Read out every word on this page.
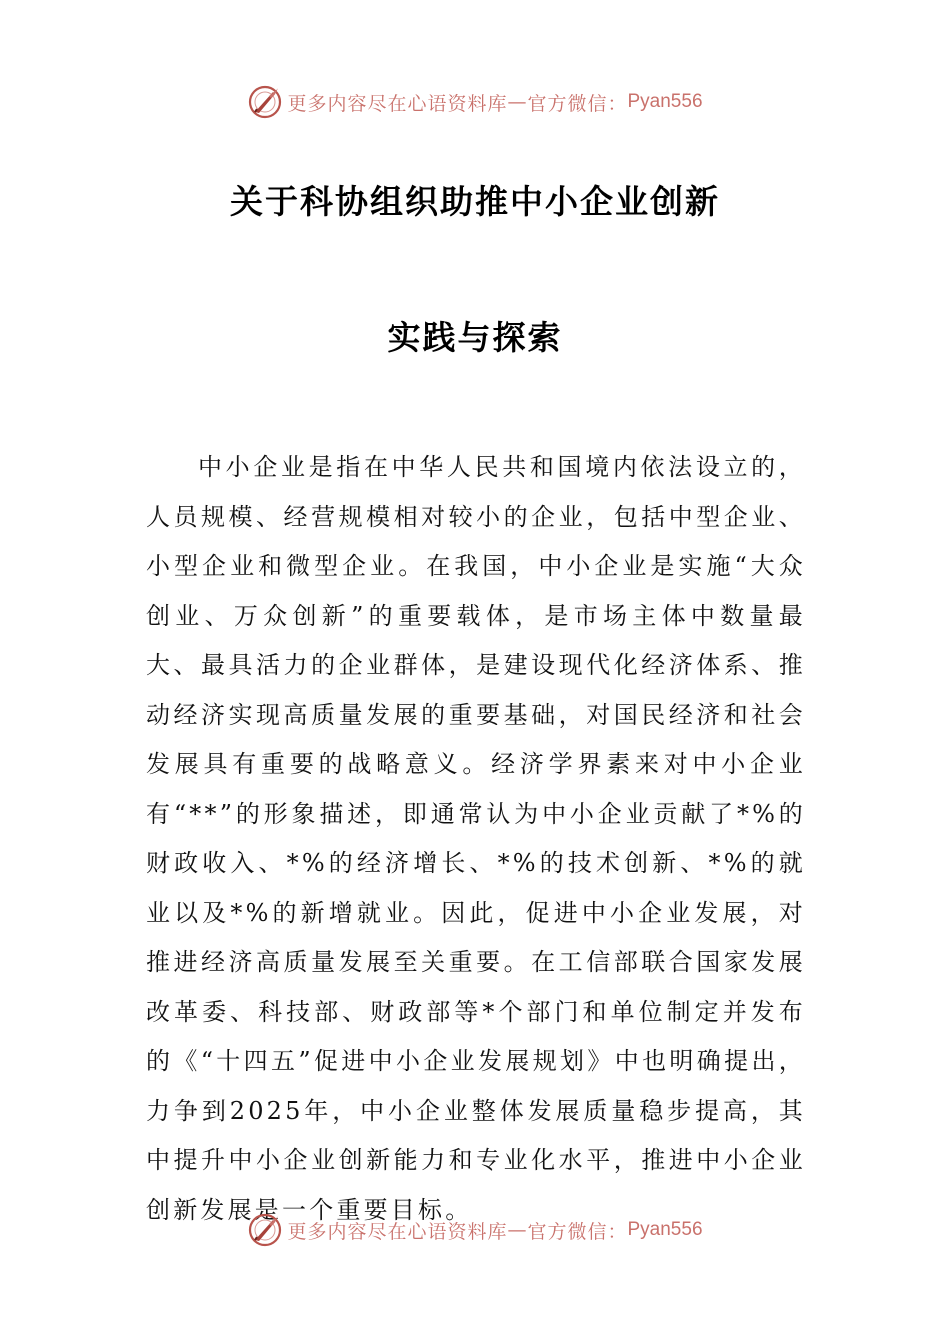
更多内容尽在心语资料库 — 官方微信： Pyan556
关于科协组织助推中小企业创新
实践与探索

中小企业是指在中华人民共和国境内依法设立的，人员规模、经营规模相对较小的企业，包括中型企业、小型企业和微型企业。在我国，中小企业是实施“大众创业、万众创新”的重要载体，是市场主体中数量最大、最具活力的企业群体，是建设现代化经济体系、推动经济实现高质量发展的重要基础，对国民经济和社会发展具有重要的战略意义。经济学界素来对中小企业有“**”的形象描述，即通常认为中小企业贡献了*%的财政收入、*%的经济增长、*%的技术创新、*%的就业以及*%的新增就业。因此，促进中小企业发展，对推进经济高质量发展至关重要。在工信部联合国家发展改革委、科技部、财政部等*个部门和单位制定并发布的《“十四五”促进中小企业发展规划》中也明确提出，力争到2025年，中小企业整体发展质量稳步提高，其中提升中小企业创新能力和专业化水平，推进中小企业创新发展是一个重要目标。

更多内容尽在心语资料库 — 官方微信： Pyan556
